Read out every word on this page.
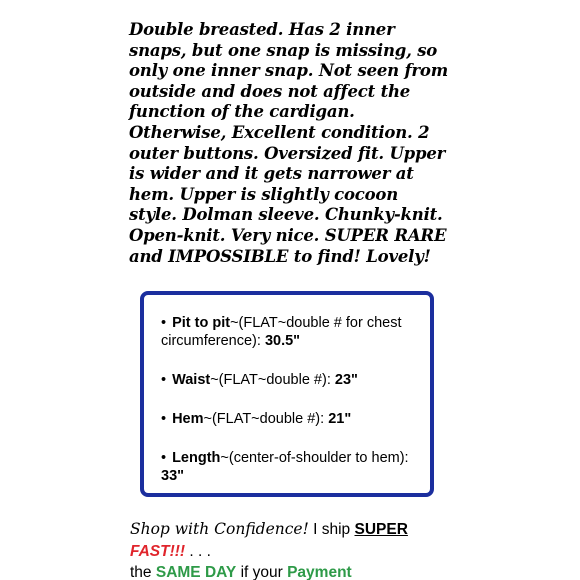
Double breasted. Has 2 inner snaps, but one snap is missing, so only one inner snap. Not seen from outside and does not affect the function of the cardigan. Otherwise, Excellent condition. 2 outer buttons. Oversized fit. Upper is wider and it gets narrower at hem. Upper is slightly cocoon style. Dolman sleeve. Chunky-knit. Open-knit. Very nice. SUPER RARE and IMPOSSIBLE to find! Lovely!

• Pit to pit~(FLAT~double # for chest circumference): 30.5"
• Waist~(FLAT~double #): 23"
• Hem~(FLAT~double #): 21"
• Length~(center-of-shoulder to hem): 33"

Shop with Confidence! I ship SUPER FAST!!! . . .
the SAME DAY if your Payment
